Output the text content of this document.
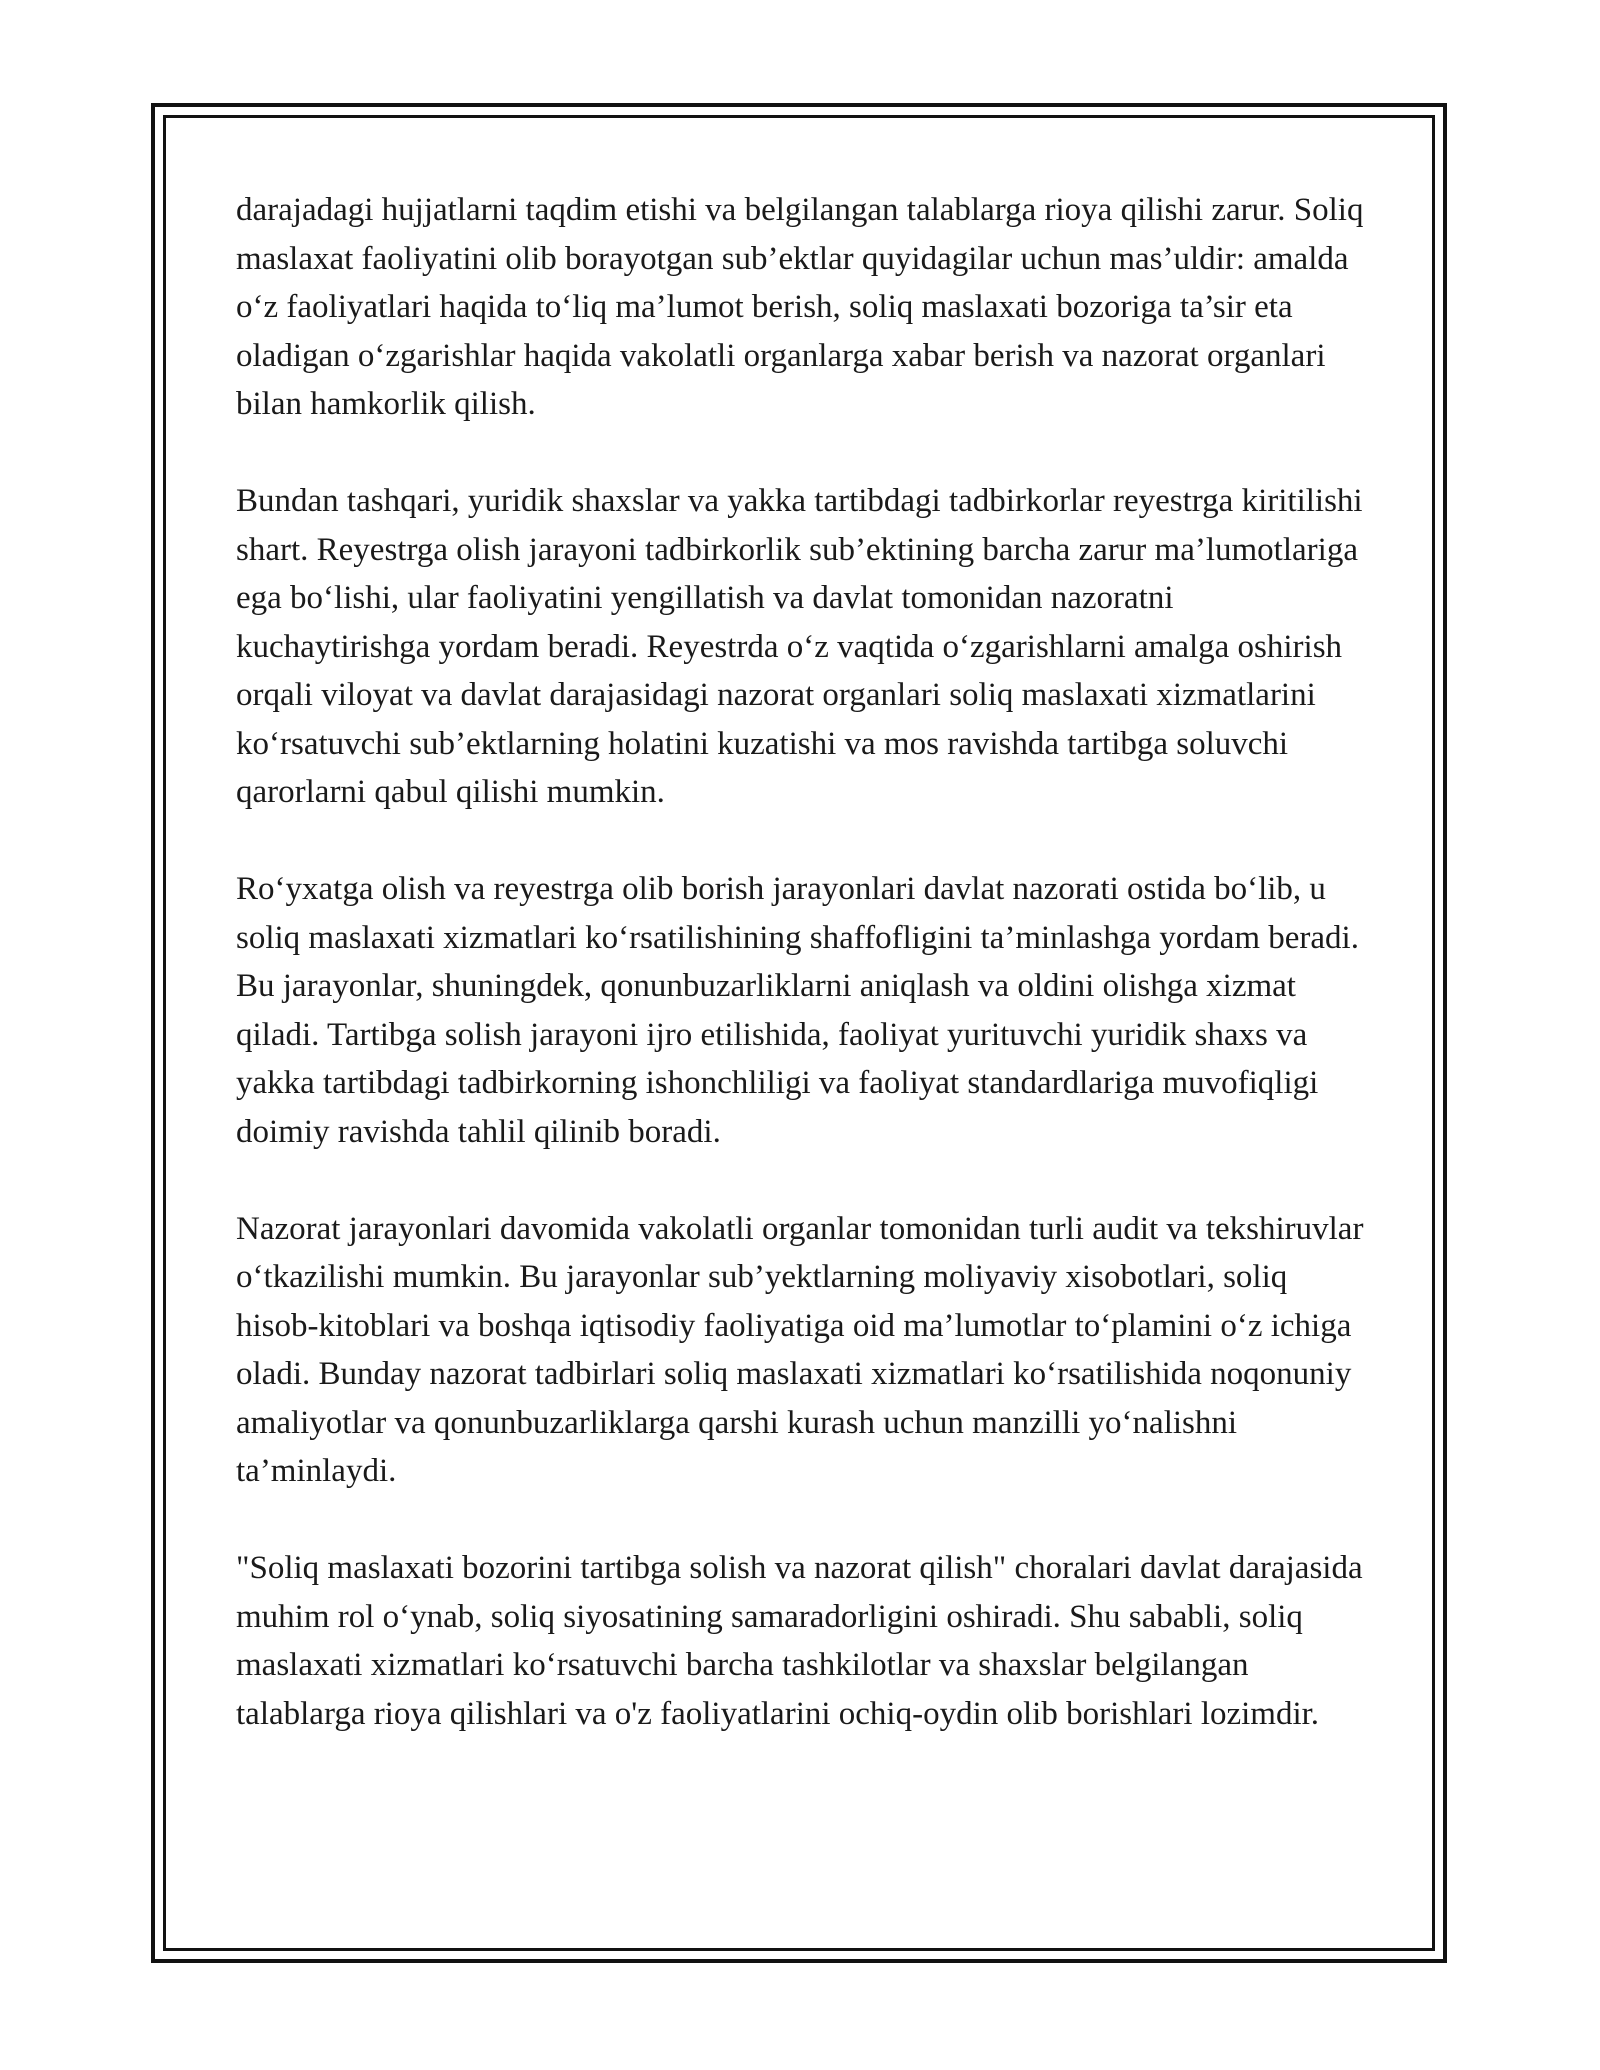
darajadagi hujjatlarni taqdim etishi va belgilangan talablarga rioya qilishi zarur. Soliq maslaxat faoliyatini olib borayotgan sub’ektlar quyidagilar uchun mas’uldir: amalda o‘z faoliyatlari haqida to‘liq ma’lumot berish, soliq maslaxati bozoriga ta’sir eta oladigan o‘zgarishlar haqida vakolatli organlarga xabar berish va nazorat organlari bilan hamkorlik qilish.

Bundan tashqari, yuridik shaxslar va yakka tartibdagi tadbirkorlar reyestrga kiritilishi shart. Reyestrga olish jarayoni tadbirkorlik sub’ektining barcha zarur ma’lumotlariga ega bo‘lishi, ular faoliyatini yengillatish va davlat tomonidan nazoratni kuchaytirishga yordam beradi. Reyestrda o‘z vaqtida o‘zgarishlarni amalga oshirish orqali viloyat va davlat darajasidagi nazorat organlari soliq maslaxati xizmatlarini ko‘rsatuvchi sub’ektlarning holatini kuzatishi va mos ravishda tartibga soluvchi qarorlarni qabul qilishi mumkin.

Ro‘yxatga olish va reyestrga olib borish jarayonlari davlat nazorati ostida bo‘lib, u soliq maslaxati xizmatlari ko‘rsatilishining shaffofligini ta’minlashga yordam beradi. Bu jarayonlar, shuningdek, qonunbuzarliklarni aniqlash va oldini olishga xizmat qiladi. Tartibga solish jarayoni ijro etilishida, faoliyat yurituvchi yuridik shaxs va yakka tartibdagi tadbirkorning ishonchliligi va faoliyat standardlariga muvofiqligi doimiy ravishda tahlil qilinib boradi.

Nazorat jarayonlari davomida vakolatli organlar tomonidan turli audit va tekshiruvlar o‘tkazilishi mumkin. Bu jarayonlar sub’yektlarning moliyaviy xisobotlari, soliq hisob-kitoblari va boshqa iqtisodiy faoliyatiga oid ma’lumotlar to‘plamini o‘z ichiga oladi. Bunday nazorat tadbirlari soliq maslaxati xizmatlari ko‘rsatilishida noqonuniy amaliyotlar va qonunbuzarliklarga qarshi kurash uchun manzilli yo‘nalishni ta’minlaydi.

"Soliq maslaxati bozorini tartibga solish va nazorat qilish" choralari davlat darajasida muhim rol o‘ynab, soliq siyosatining samaradorligini oshiradi. Shu sababli, soliq maslaxati xizmatlari ko‘rsatuvchi barcha tashkilotlar va shaxslar belgilangan talablarga rioya qilishlari va o'z faoliyatlarini ochiq-oydin olib borishlari lozimdir.
